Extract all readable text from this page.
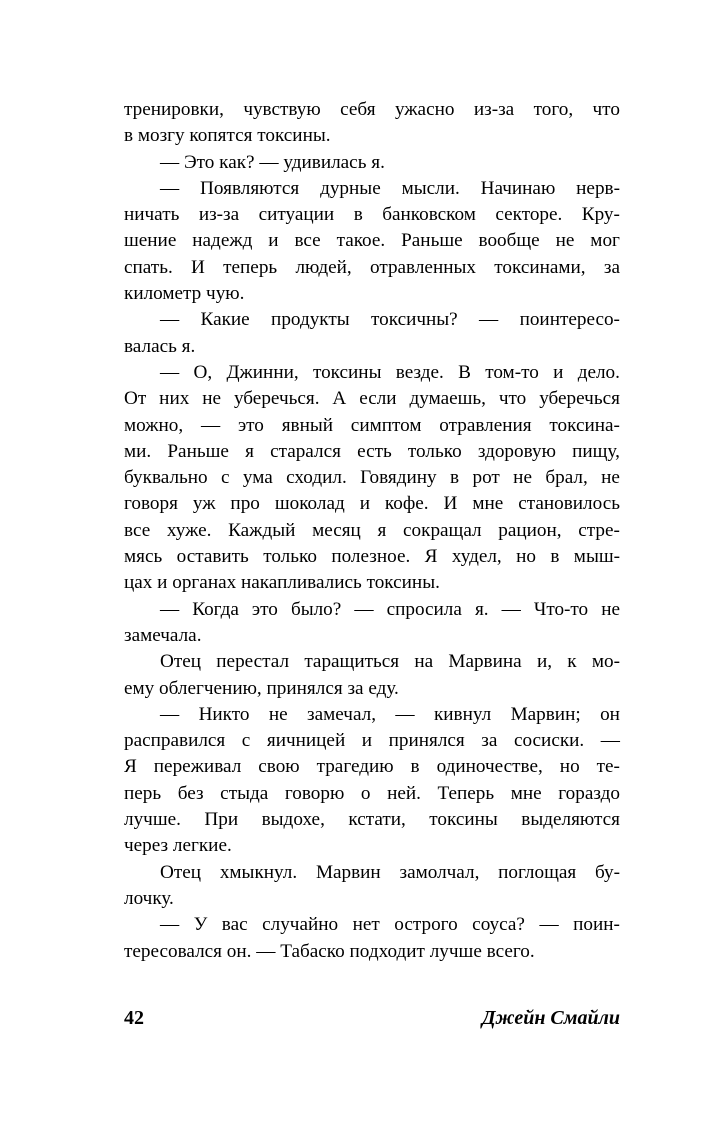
тренировки, чувствую себя ужасно из-за того, что
в мозгу копятся токсины.
— Это как? — удивилась я.
— Появляются дурные мысли. Начинаю нерв-
ничать из-за ситуации в банковском секторе. Кру-
шение надежд и все такое. Раньше вообще не мог
спать. И теперь людей, отравленных токсинами, за
километр чую.
— Какие продукты токсичны? — поинтересо-
валась я.
— О, Джинни, токсины везде. В том-то и дело.
От них не уберечься. А если думаешь, что уберечься
можно, — это явный симптом отравления токсина-
ми. Раньше я старался есть только здоровую пищу,
буквально с ума сходил. Говядину в рот не брал, не
говоря уж про шоколад и кофе. И мне становилось
все хуже. Каждый месяц я сокращал рацион, стре-
мясь оставить только полезное. Я худел, но в мыш-
цах и органах накапливались токсины.
— Когда это было? — спросила я. — Что-то не
замечала.
Отец перестал таращиться на Марвина и, к мо-
ему облегчению, принялся за еду.
— Никто не замечал, — кивнул Марвин; он
расправился с яичницей и принялся за сосиски. —
Я переживал свою трагедию в одиночестве, но те-
перь без стыда говорю о ней. Теперь мне гораздо
лучше. При выдохе, кстати, токсины выделяются
через легкие.
Отец хмыкнул. Марвин замолчал, поглощая бу-
лочку.
— У вас случайно нет острого соуса? — поин-
тересовался он. — Табаско подходит лучше всего.
42	Джейн Смайли
